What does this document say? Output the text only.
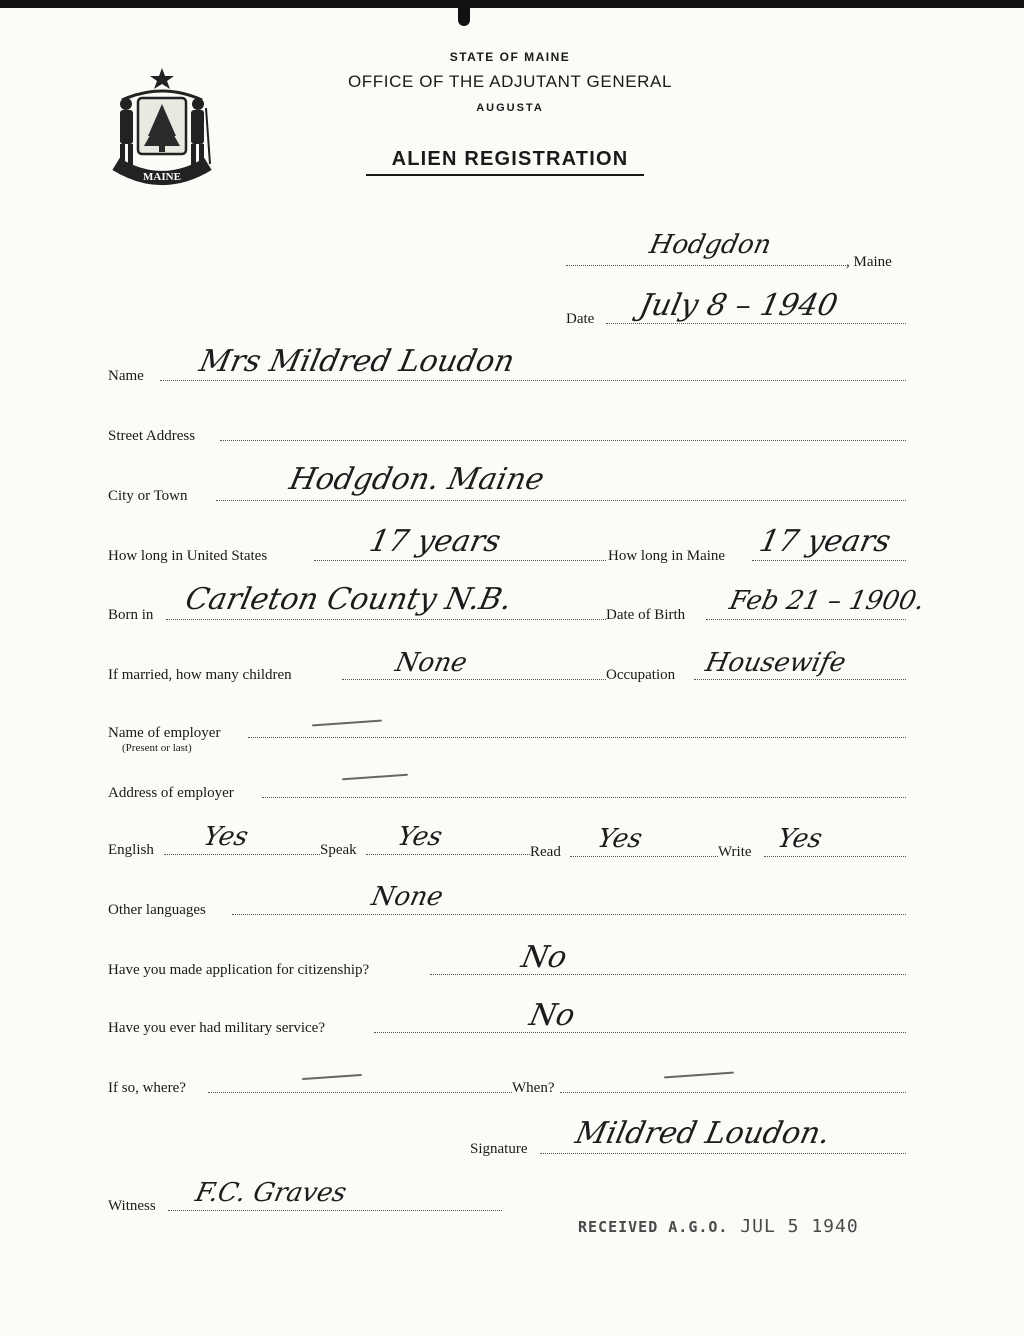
MAINE
STATE OF MAINE
OFFICE OF THE ADJUTANT GENERAL
AUGUSTA
ALIEN REGISTRATION
Hodgdon
, Maine
Date July 8 – 1940
Name Mrs Mildred Loudon
Street Address
City or Town	Hodgdon. Maine
How long in United States	17 years	How long in Maine 17 years
Born in Carleton County N.B.	Date of Birth Feb 21 – 1900.
If married, how many children	None	Occupation Housewife
Name of employer
(Present or last)
Address of employer
English Yes	Speak Yes	Read Yes	Write Yes
Other languages	None
Have you made application for citizenship?	No
Have you ever had military service?	No
If so, where?	When?
Signature Mildred Loudon.
Witness F.C. Graves
RECEIVED A.G.O. JUL 5 1940
